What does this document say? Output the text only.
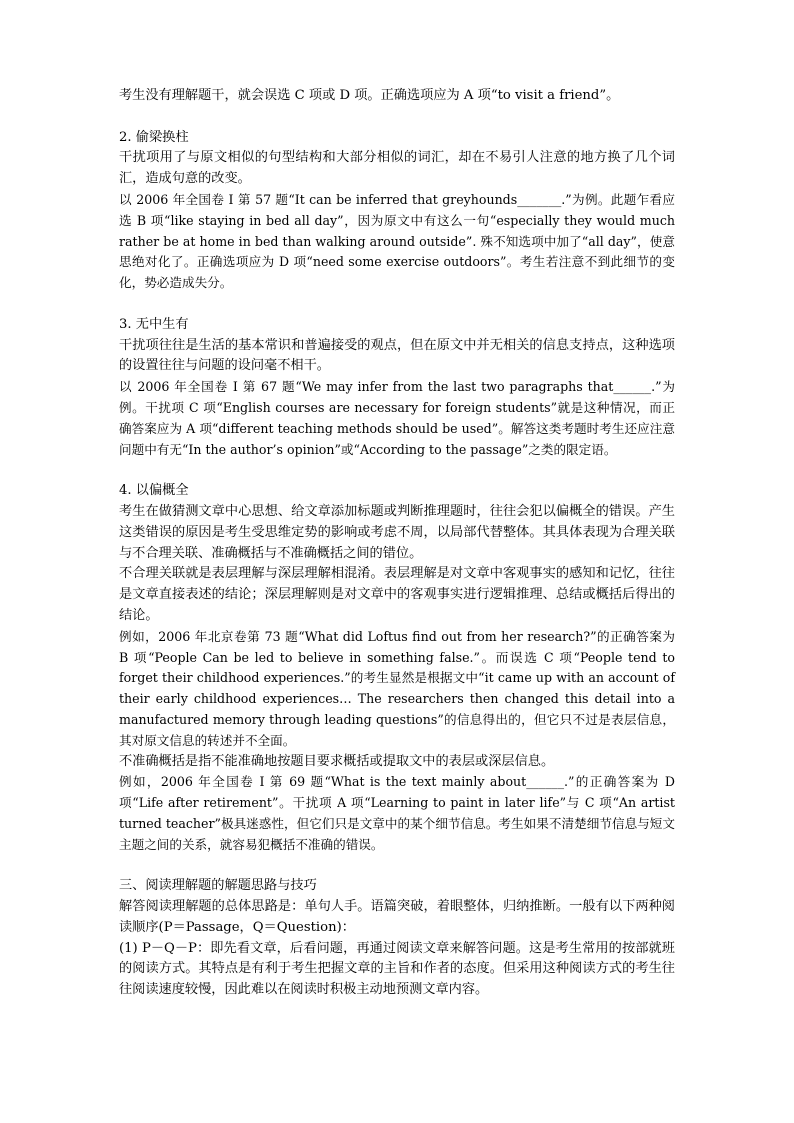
考生没有理解题干，就会误选 C 项或 D 项。正确选项应为 A 项“to visit a friend”。

2. 偷梁换柱

干扰项用了与原文相似的句型结构和大部分相似的词汇，却在不易引人注意的地方换了几个词汇，造成句意的改变。

以 2006 年全国卷 I 第 57 题“It can be inferred that greyhounds_______.”为例。此题乍看应选 B 项“like staying in bed all day”，因为原文中有这么一句“especially they would much rather be at home in bed than walking around outside”. 殊不知选项中加了“all day”，使意思绝对化了。正确选项应为 D 项“need some exercise outdoors”。考生若注意不到此细节的变化，势必造成失分。

3. 无中生有

干扰项往往是生活的基本常识和普遍接受的观点，但在原文中并无相关的信息支持点，这种选项的设置往往与问题的设问毫不相干。

以 2006 年全国卷 I 第 67 题“We may infer from the last two paragraphs that______.”为例。干扰项 C 项“English courses are necessary for foreign students”就是这种情况，而正确答案应为 A 项“different teaching methods should be used”。解答这类考题时考生还应注意问题中有无“In the author’s opinion”或“According to the passage”之类的限定语。

4. 以偏概全

考生在做猜测文章中心思想、给文章添加标题或判断推理题时，往往会犯以偏概全的错误。产生这类错误的原因是考生受思维定势的影响或考虑不周，以局部代替整体。其具体表现为合理关联与不合理关联、准确概括与不准确概括之间的错位。

不合理关联就是表层理解与深层理解相混淆。表层理解是对文章中客观事实的感知和记忆，往往是文章直接表述的结论；深层理解则是对文章中的客观事实进行逻辑推理、总结或概括后得出的结论。

例如，2006 年北京卷第 73 题“What did Loftus find out from her research?”的正确答案为 B 项“People Can be led to believe in something false.”。而误选 C 项“People tend to forget their childhood experiences.”的考生显然是根据文中“it came up with an account of their early childhood experiences… The researchers then changed this detail into a manufactured memory through leading questions”的信息得出的，但它只不过是表层信息，其对原文信息的转述并不全面。

不准确概括是指不能准确地按题目要求概括或提取文中的表层或深层信息。

例如，2006 年全国卷 I 第 69 题“What is the text mainly about______.”的正确答案为 D 项“Life after retirement”。干扰项 A 项“Learning to paint in later life”与 C 项“An artist turned teacher”极具迷惑性，但它们只是文章中的某个细节信息。考生如果不清楚细节信息与短文主题之间的关系，就容易犯概括不准确的错误。

三、阅读理解题的解题思路与技巧

解答阅读理解题的总体思路是：单句人手。语篇突破，着眼整体，归纳推断。一般有以下两种阅读顺序(P＝Passage，Q＝Question)：

(1) P－Q－P：即先看文章，后看问题，再通过阅读文章来解答问题。这是考生常用的按部就班的阅读方式。其特点是有利于考生把握文章的主旨和作者的态度。但采用这种阅读方式的考生往往阅读速度较慢，因此难以在阅读时积极主动地预测文章内容。
